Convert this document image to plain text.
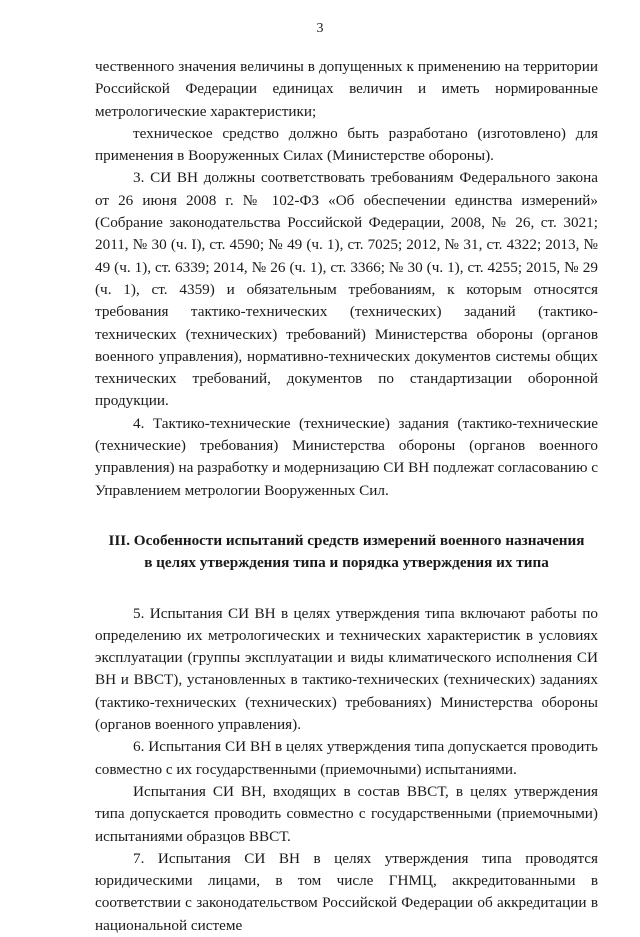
3

чественного значения величины в допущенных к применению на территории Российской Федерации единицах величин и иметь нормированные метрологические характеристики;

техническое средство должно быть разработано (изготовлено) для применения в Вооруженных Силах (Министерстве обороны).

3. СИ ВН должны соответствовать требованиям Федерального закона от 26 июня 2008 г. № 102-ФЗ «Об обеспечении единства измерений» (Собрание законодательства Российской Федерации, 2008, № 26, ст. 3021; 2011, № 30 (ч. I), ст. 4590; № 49 (ч. 1), ст. 7025; 2012, № 31, ст. 4322; 2013, № 49 (ч. 1), ст. 6339; 2014, № 26 (ч. 1), ст. 3366; № 30 (ч. 1), ст. 4255; 2015, № 29 (ч. 1), ст. 4359) и обязательным требованиям, к которым относятся требования тактико-технических (технических) заданий (тактико-технических (технических) требований) Министерства обороны (органов военного управления), нормативно-технических документов системы общих технических требований, документов по стандартизации оборонной продукции.

4. Тактико-технические (технические) задания (тактико-технические (технические) требования) Министерства обороны (органов военного управления) на разработку и модернизацию СИ ВН подлежат согласованию с Управлением метрологии Вооруженных Сил.

III. Особенности испытаний средств измерений военного назначения
в целях утверждения типа и порядка утверждения их типа

5. Испытания СИ ВН в целях утверждения типа включают работы по определению их метрологических и технических характеристик в условиях эксплуатации (группы эксплуатации и виды климатического исполнения СИ ВН и ВВСТ), установленных в тактико-технических (технических) заданиях (тактико-технических (технических) требованиях) Министерства обороны (органов военного управления).

6. Испытания СИ ВН в целях утверждения типа допускается проводить совместно с их государственными (приемочными) испытаниями.

Испытания СИ ВН, входящих в состав ВВСТ, в целях утверждения типа допускается проводить совместно с государственными (приемочными) испытаниями образцов ВВСТ.

7. Испытания СИ ВН в целях утверждения типа проводятся юридическими лицами, в том числе ГНМЦ, аккредитованными в соответствии с законодательством Российской Федерации об аккредитации в национальной системе
